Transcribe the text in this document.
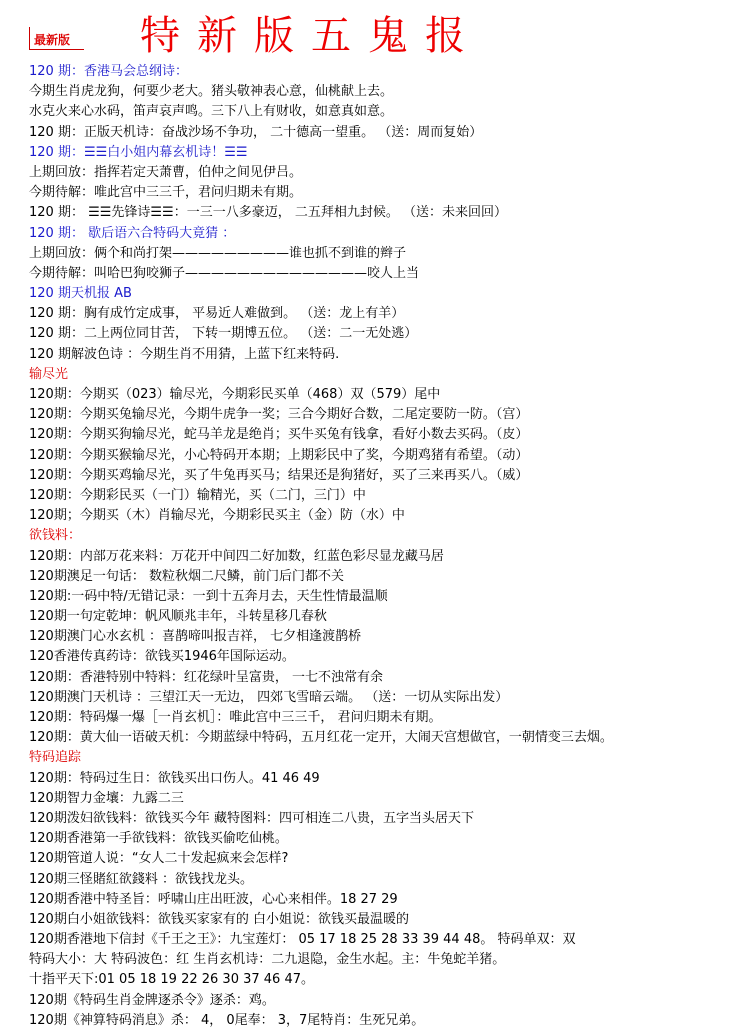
最新版 特新版五鬼报
120 期：香港马会总纲诗：
今期生肖虎龙狗，何要少老大。猪头敬神表心意，仙桃献上去。
水克火来心水码，笛声哀声鸣。三下八上有财收，如意真如意。
120 期：正版天机诗：奋战沙场不争功， 二十德高一望重。 （送：周而复始）
120 期：☰☰白小姐内幕玄机诗！☰☰
上期回放：指挥若定天萧曹，伯仲之间见伊吕。
今期待解：唯此宫中三三千，君问归期未有期。
120 期： ☰☰先锋诗☰☰：一三一八多豪迈， 二五拜相九封候。 （送：未来回回）
120 期： 歇后语六合特码大竟猜 ：
上期回放：俩个和尚打架—————————谁也抓不到谁的辫子
今期待解：叫哈巴狗咬狮子——————————————咬人上当
120 期天机报 AB
120 期：胸有成竹定成事， 平易近人难做到。 （送：龙上有羊）
120 期：二上两位同甘苦， 下转一期博五位。 （送：二一无处逃）
120 期解波色诗 ：今期生肖不用猜，上蓝下红来特码.
输尽光
120期：今期买（023）输尽光，今期彩民买单（468）双（579）尾中
120期：今期买兔输尽光，今期牛虎争一奖；三合今期好合数，二尾定要防一防。（宫）
120期：今期买狗输尽光，蛇马羊龙是绝肖；买牛买兔有钱拿，看好小数去买码。（皮）
120期：今期买猴输尽光，小心特码开本期；上期彩民中了奖，今期鸡猪有希望。（动）
120期：今期买鸡输尽光，买了牛兔再买马；结果还是狗猪好，买了三来再买八。（威）
120期：今期彩民买（一门）输精光，买（二门，三门）中
120期；今期买（木）肖输尽光，今期彩民买主（金）防（水）中
欲钱料：
120期：内部万花来料：万花开中间四二好加数，红蓝色彩尽显龙藏马居
120期澳足一句话： 数粒秋烟二尺鳞，前门后门都不关
120期:一码中特/无错记录：一到十五奔月去，天生性情最温顺
120期一句定乾坤：帆风顺兆丰年，斗转星移几春秋
120期澳门心水玄机 ：喜鹊啼叫报吉祥， 七夕相逢渡鹊桥
120香港传真药诗：欲钱买1946年国际运动。
120期：香港特别中特料：红花绿叶呈富贵， 一七不浊常有余
120期澳门天机诗 ：三望江天一无边， 四郊飞雪暗云端。 （送：一切从实际出发）
120期：特码爆一爆［一肖玄机］：唯此宫中三三千， 君问归期未有期。
120期：黄大仙一语破天机：今期蓝绿中特码，五月红花一定开，大闹天宫想做官，一朝情变三去烟。
特码追踪
120期：特码过生日：欲钱买出口伤人。41 46 49
120期智力金壤：九露二三
120期泼妇欲钱料：欲钱买今年 藏特图料：四可相连二八贵，五字当头居天下
120期香港第一手欲钱料：欲钱买偷吃仙桃。
120期管道人说：“女人二十发起疯来会怎样?
120期三怪賭紅欲錢料 ：欲钱找龙头。
120期香港中特圣旨：呼啸山庄出旺波，心心来相伴。18 27 29
120期白小姐欲钱料：欲钱买家家有的 白小姐说：欲钱买最温暖的
120期香港地下信封《千王之王》：九宝莲灯： 05 17 18 25 28 33 39 44 48。 特码单双：双
特码大小：大 特码波色：红 生肖玄机诗：二九退隐，金生水起。主：牛兔蛇羊猪。
十指平天下:01 05 18 19 22 26 30 37 46 47。
120期《特码生肖金牌逐杀令》逐杀：鸡。
120期《神算特码消息》杀： 4， 0尾奉： 3，7尾特肖：生死兄弟。
